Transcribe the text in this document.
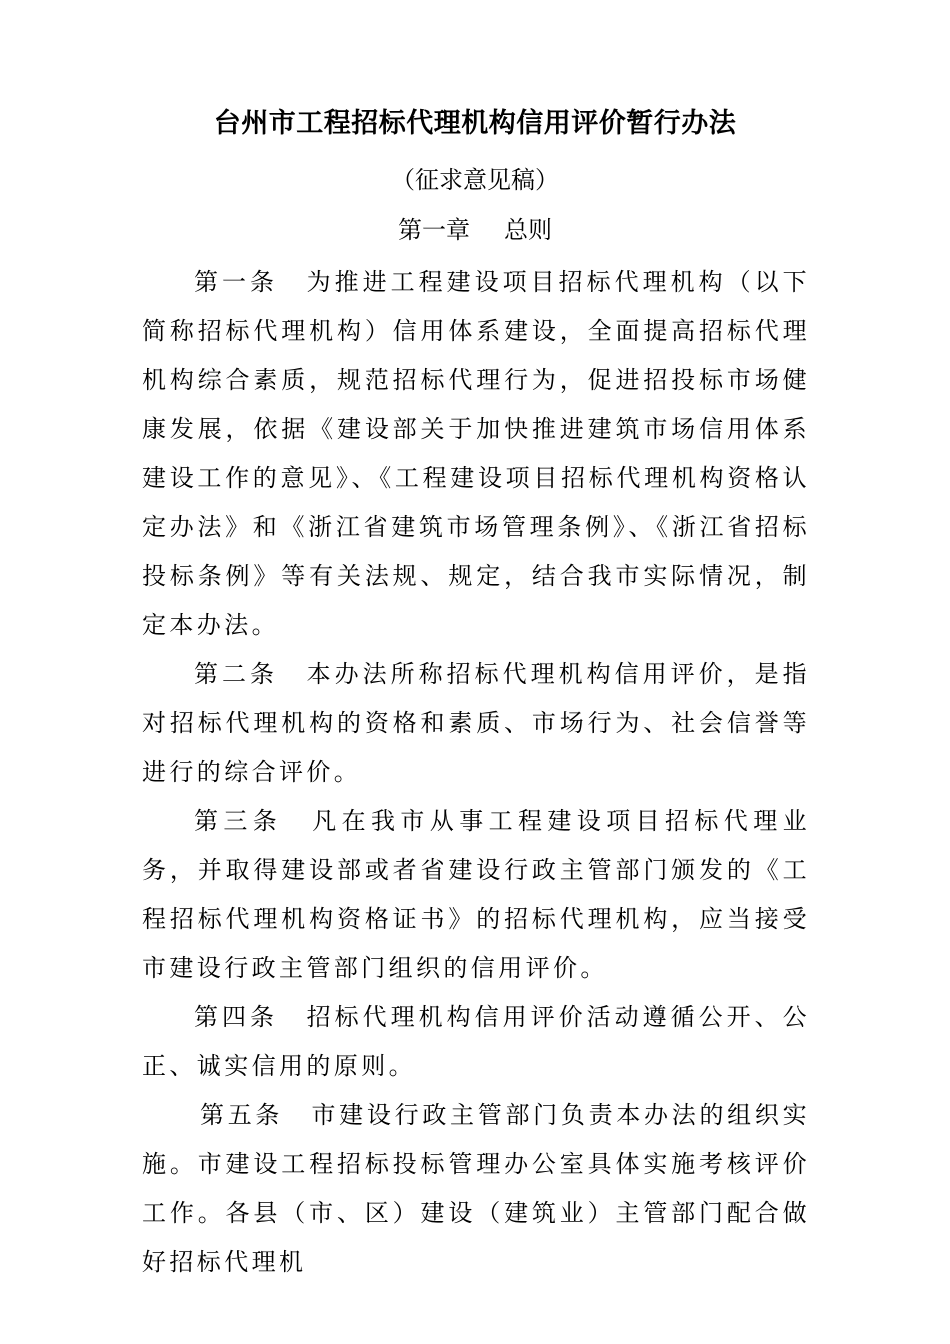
台州市工程招标代理机构信用评价暂行办法
（征求意见稿）
第一章 总则

第一条 为推进工程建设项目招标代理机构（以下简称招标代理机构）信用体系建设，全面提高招标代理机构综合素质，规范招标代理行为，促进招投标市场健康发展，依据《建设部关于加快推进建筑市场信用体系建设工作的意见》、《工程建设项目招标代理机构资格认定办法》和《浙江省建筑市场管理条例》、《浙江省招标投标条例》等有关法规、规定，结合我市实际情况，制定本办法。

第二条 本办法所称招标代理机构信用评价，是指对招标代理机构的资格和素质、市场行为、社会信誉等进行的综合评价。

第三条 凡在我市从事工程建设项目招标代理业务，并取得建设部或者省建设行政主管部门颁发的《工程招标代理机构资格证书》的招标代理机构，应当接受市建设行政主管部门组织的信用评价。

第四条 招标代理机构信用评价活动遵循公开、公正、诚实信用的原则。

第五条 市建设行政主管部门负责本办法的组织实施。市建设工程招标投标管理办公室具体实施考核评价工作。各县（市、区）建设（建筑业）主管部门配合做好招标代理机
